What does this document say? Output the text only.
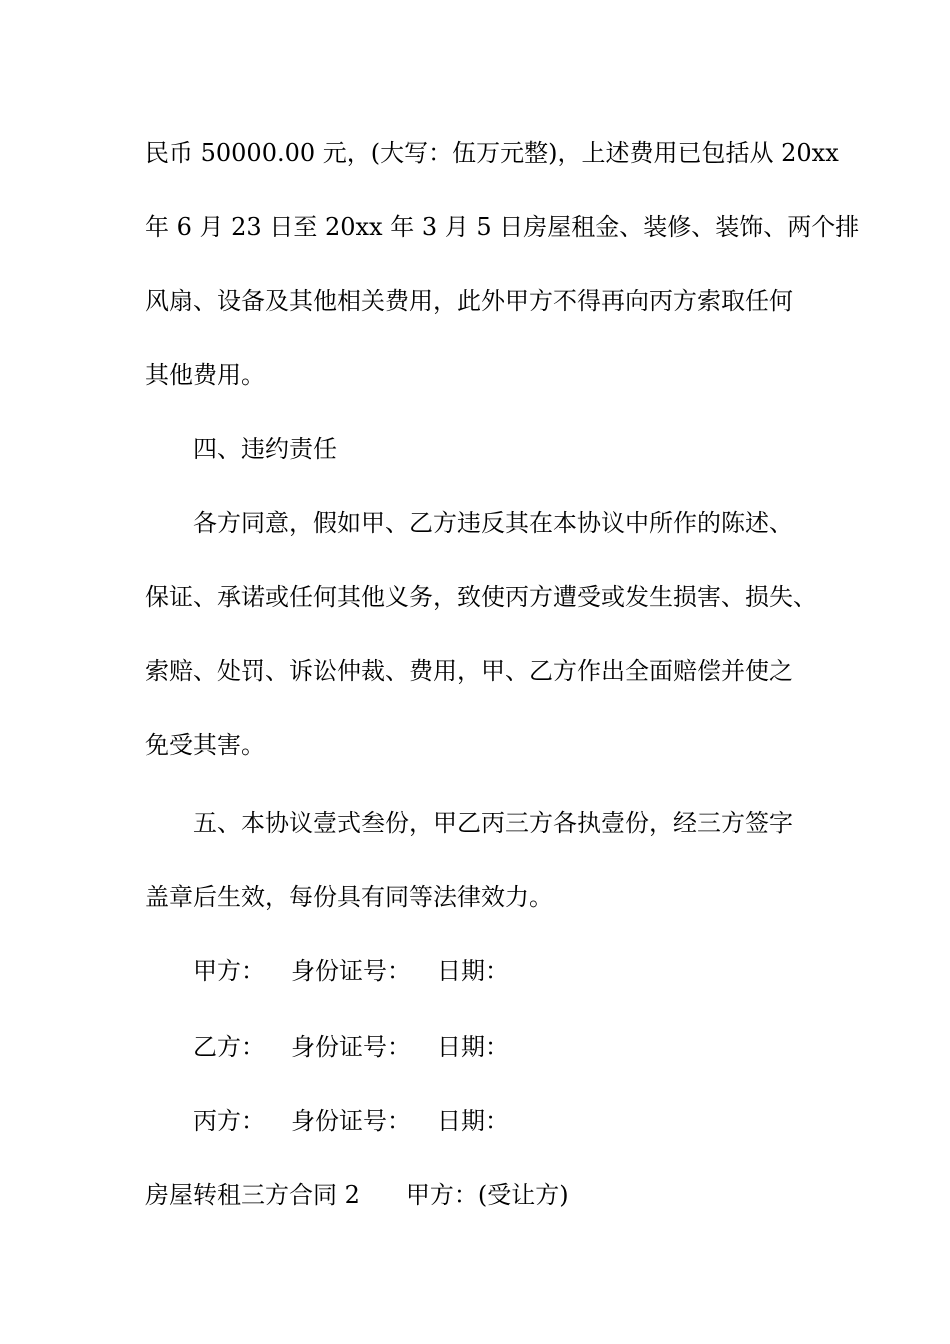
民币 50000.00 元，(大写：伍万元整)，上述费用已包括从 20xx
年 6 月 23 日至 20xx 年 3 月 5 日房屋租金、装修、装饰、两个排
风扇、设备及其他相关费用，此外甲方不得再向丙方索取任何
其他费用。
四、违约责任
各方同意，假如甲、乙方违反其在本协议中所作的陈述、
保证、承诺或任何其他义务，致使丙方遭受或发生损害、损失、
索赔、处罚、诉讼仲裁、费用，甲、乙方作出全面赔偿并使之
免受其害。
五、本协议壹式叁份，甲乙丙三方各执壹份，经三方签字
盖章后生效，每份具有同等法律效力。
甲方： 身份证号： 日期：
乙方： 身份证号： 日期：
丙方： 身份证号： 日期：
房屋转租三方合同 2 甲方：(受让方)
